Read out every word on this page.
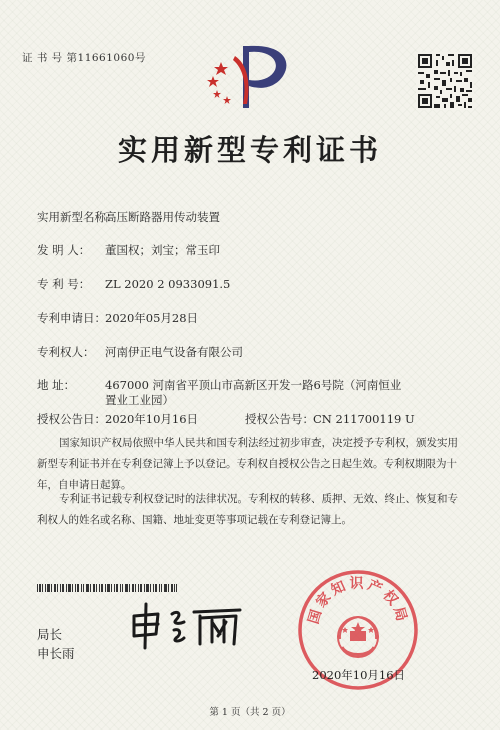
证 书 号 第11661060号
实用新型专利证书
实用新型名称：高压断路器用传动装置
发 明 人： 董国权；刘宝；常玉印
专 利 号： ZL 2020 2 0933091.5
专利申请日：2020年05月28日
专利权人： 河南伊正电气设备有限公司
地 址：	467000 河南省平顶山市高新区开发一路6号院（河南恒业
置业工业园）
授权公告日：2020年10月16日	授权公告号：CN 211700119 U
国家知识产权局依照中华人民共和国专利法经过初步审查，决定授予专利权，颁发实用新型专利证书并在专利登记簿上予以登记。专利权自授权公告之日起生效。专利权期限为十年，自申请日起算。
专利证书记载专利权登记时的法律状况。专利权的转移、质押、无效、终止、恢复和专利权人的姓名或名称、国籍、地址变更等事项记载在专利登记簿上。
局长
申长雨
国家知识产权局
2020年10月16日
第 1 页（共 2 页）
